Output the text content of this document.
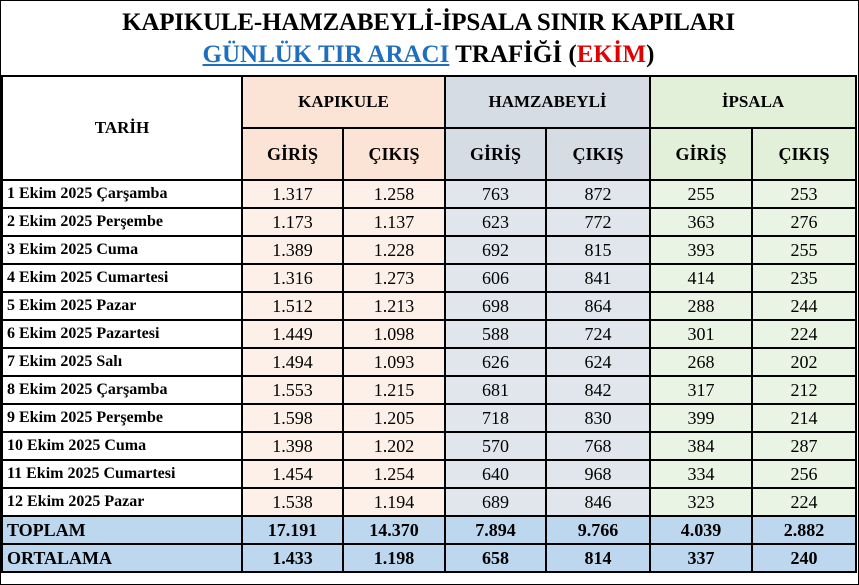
KAPIKULE-HAMZABEYLİ-İPSALA SINIR KAPILARI
GÜNLÜK TIR ARACI TRAFİĞİ (EKİM)
TARİH	KAPIKULE		HAMZABEYLİ		İPSALA	
	GİRİŞ	ÇIKIŞ	GİRİŞ	ÇIKIŞ	GİRİŞ	ÇIKIŞ
1 Ekim 2025 Çarşamba	1.317	1.258	763	872	255	253
2 Ekim 2025 Perşembe	1.173	1.137	623	772	363	276
3 Ekim 2025 Cuma	1.389	1.228	692	815	393	255
4 Ekim 2025 Cumartesi	1.316	1.273	606	841	414	235
5 Ekim 2025 Pazar	1.512	1.213	698	864	288	244
6 Ekim 2025 Pazartesi	1.449	1.098	588	724	301	224
7 Ekim 2025 Salı	1.494	1.093	626	624	268	202
8 Ekim 2025 Çarşamba	1.553	1.215	681	842	317	212
9 Ekim 2025 Perşembe	1.598	1.205	718	830	399	214
10 Ekim 2025 Cuma	1.398	1.202	570	768	384	287
11 Ekim 2025 Cumartesi	1.454	1.254	640	968	334	256
12 Ekim 2025 Pazar	1.538	1.194	689	846	323	224
TOPLAM	17.191	14.370	7.894	9.766	4.039	2.882
ORTALAMA	1.433	1.198	658	814	337	240
